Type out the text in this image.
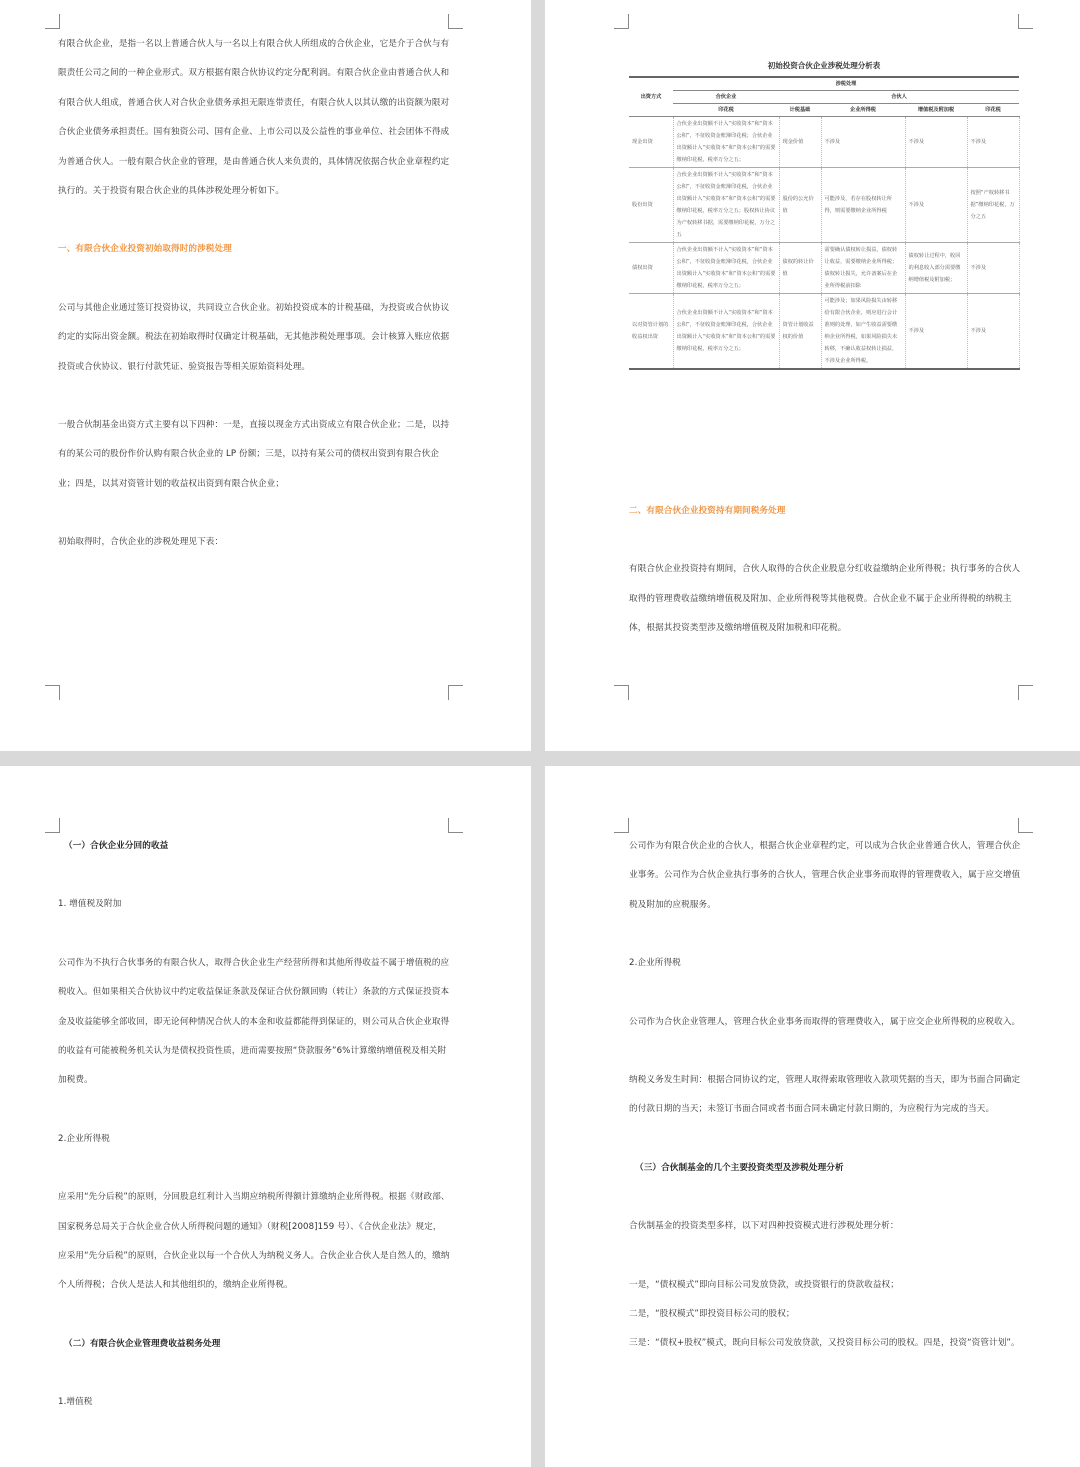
有限合伙企业，是指一名以上普通合伙人与一名以上有限合伙人所组成的合伙企业，它是介于合伙与有限责任公司之间的一种企业形式。双方根据有限合伙协议约定分配利润。有限合伙企业由普通合伙人和有限合伙人组成，普通合伙人对合伙企业债务承担无限连带责任，有限合伙人以其认缴的出资额为限对合伙企业债务承担责任。国有独资公司、国有企业、上市公司以及公益性的事业单位、社会团体不得成为普通合伙人。一般有限合伙企业的管理，是由普通合伙人来负责的，具体情况依据合伙企业章程约定执行的。关于投资有限合伙企业的具体涉税处理分析如下。

一、有限合伙企业投资初始取得时的涉税处理

公司与其他企业通过签订投资协议，共同设立合伙企业。初始投资成本的计税基础，为投资或合伙协议约定的实际出资金额。税法在初始取得时仅确定计税基础，无其他涉税处理事项。会计核算入账应依据投资或合伙协议、银行付款凭证、验资报告等相关原始资料处理。

一般合伙制基金出资方式主要有以下四种：一是，直接以现金方式出资成立有限合伙企业；二是，以持有的某公司的股份作价认购有限合伙企业的 LP 份额；三是，以持有某公司的债权出资到有限合伙企业；四是，以其对资管计划的收益权出资到有限合伙企业；

初始取得时，合伙企业的涉税处理见下表：

初始投资合伙企业涉税处理分析表
出资方式	涉税处理				
	合伙企业	合伙人			
	印花税	计税基础	企业所得税	增值税及附加税	印花税
现金出资	合伙企业出资额不计入“实收资本”和“资本公积”，不征收资金账簿印花税；合伙企业出资额计入“实收资本”和“资本公积”的需要缴纳印花税，税率万分之五；	现金价值	不涉及	不涉及	不涉及
股份出资	合伙企业出资额不计入“实收资本”和“资本公积”，不征收资金账簿印花税，合伙企业出资额计入“实收资本”和“资本公积”的需要缴纳印花税，税率万分之五；股权转让协议为产权转移书据，需要缴纳印花税，万分之五	股份的公允价值	可能涉及，若存在股权转让所得，则需要缴纳企业所得税	不涉及	按照“产权转移书据”缴纳印花税，万分之五
债权出资	合伙企业出资额不计入“实收资本”和“资本公积”，不征收资金账簿印花税，合伙企业出资额计入“实收资本”和“资本公积”的需要缴纳印花税，税率万分之五；	债权的转让价值	需要确认债权转让损益，债权转让收益，需要缴纳企业所得税；债权转让损失，允许备案后在企业所得税前扣除	债权转让过程中，收回的利息收入部分需要缴纳增值税及附加税；	不涉及
以对资管计划的收益权出资	合伙企业出资额不计入“实收资本”和“资本公积”，不征收资金账簿印花税，合伙企业出资额计入“实收资本”和“资本公积”的需要缴纳印花税，税率万分之五；	资管计划收益权的价值	可能涉及；如果风险损失由转移给有限合伙企业，则应进行会计准则的处理，如产生收益需要缴纳企业所得税，如果风险损失未转移，不确认收益权转让损益，不涉及企业所得税。	不涉及	不涉及

二、有限合伙企业投资持有期间税务处理

有限合伙企业投资持有期间，合伙人取得的合伙企业股息分红收益缴纳企业所得税；执行事务的合伙人取得的管理费收益缴纳增值税及附加、企业所得税等其他税费。合伙企业不属于企业所得税的纳税主体，根据其投资类型涉及缴纳增值税及附加税和印花税。

（一）合伙企业分回的收益

1. 增值税及附加

公司作为不执行合伙事务的有限合伙人，取得合伙企业生产经营所得和其他所得收益不属于增值税的应税收入。但如果相关合伙协议中约定收益保证条款及保证合伙份额回购（转让）条款的方式保证投资本金及收益能够全部收回，即无论何种情况合伙人的本金和收益都能得到保证的，则公司从合伙企业取得的收益有可能被税务机关认为是债权投资性质，进而需要按照“贷款服务”6%计算缴纳增值税及相关附加税费。

2.企业所得税

应采用“先分后税”的原则，分回股息红利计入当期应纳税所得额计算缴纳企业所得税。根据《财政部、国家税务总局关于合伙企业合伙人所得税问题的通知》（财税[2008]159 号）、《合伙企业法》规定，应采用“先分后税”的原则，合伙企业以每一个合伙人为纳税义务人。合伙企业合伙人是自然人的，缴纳个人所得税；合伙人是法人和其他组织的，缴纳企业所得税。

（二）有限合伙企业管理费收益税务处理

1.增值税

公司作为有限合伙企业的合伙人，根据合伙企业章程约定，可以成为合伙企业普通合伙人，管理合伙企业事务。公司作为合伙企业执行事务的合伙人，管理合伙企业事务而取得的管理费收入，属于应交增值税及附加的应税服务。

2.企业所得税

公司作为合伙企业管理人，管理合伙企业事务而取得的管理费收入，属于应交企业所得税的应税收入。

纳税义务发生时间：根据合同协议约定，管理人取得索取管理收入款项凭据的当天，即为书面合同确定的付款日期的当天；未签订书面合同或者书面合同未确定付款日期的，为应税行为完成的当天。

（三）合伙制基金的几个主要投资类型及涉税处理分析

合伙制基金的投资类型多样，以下对四种投资模式进行涉税处理分析：

一是，“债权模式”即向目标公司发放贷款，或投资银行的贷款收益权；

二是，“股权模式”即投资目标公司的股权；

三是：“债权+股权”模式，既向目标公司发放贷款，又投资目标公司的股权。四是，投资“资管计划”。
